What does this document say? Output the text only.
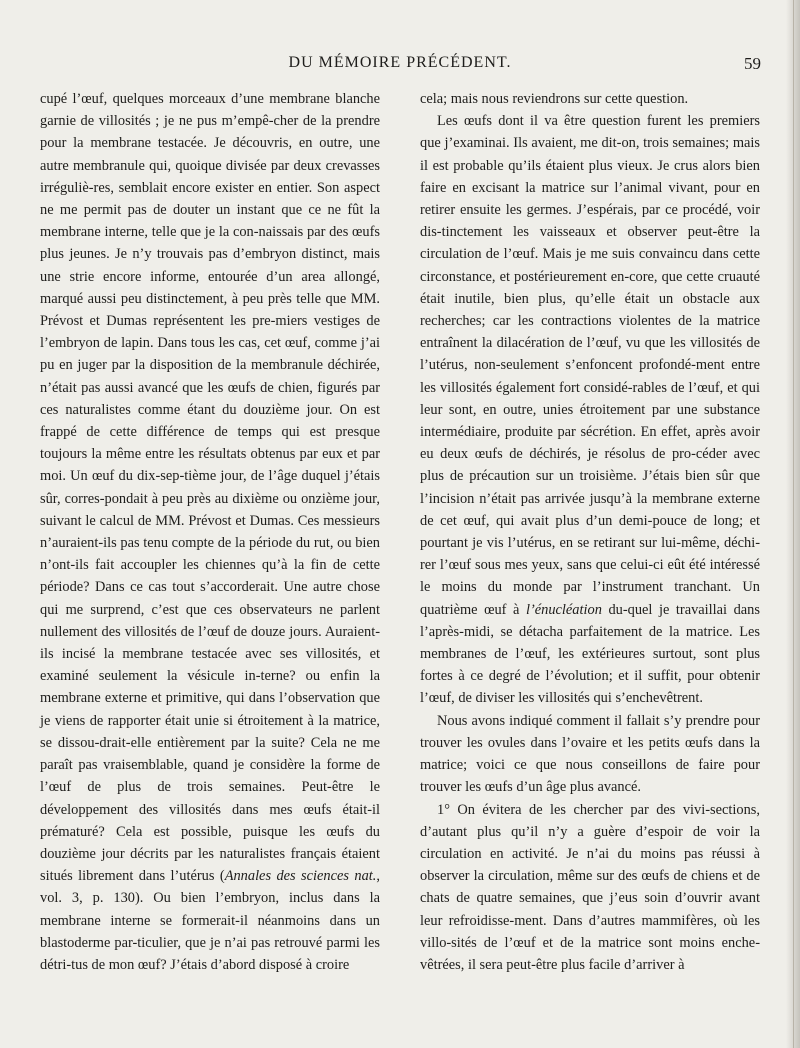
DU MÉMOIRE PRÉCÉDENT.	59

cupé l’œuf, quelques morceaux d’une membrane blanche garnie de villosités ; je ne pus m’empê-cher de la prendre pour la membrane testacée. Je découvris, en outre, une autre membranule qui, quoique divisée par deux crevasses irréguliè-res, semblait encore exister en entier. Son aspect ne me permit pas de douter un instant que ce ne fût la membrane interne, telle que je la con-naissais par des œufs plus jeunes. Je n’y trouvais pas d’embryon distinct, mais une strie encore informe, entourée d’un area allongé, marqué aussi peu distinctement, à peu près telle que MM. Prévost et Dumas représentent les pre-miers vestiges de l’embryon de lapin. Dans tous les cas, cet œuf, comme j’ai pu en juger par la disposition de la membranule déchirée, n’était pas aussi avancé que les œufs de chien, figurés par ces naturalistes comme étant du douzième jour. On est frappé de cette différence de temps qui est presque toujours la même entre les résultats obtenus par eux et par moi. Un œuf du dix-sep-tième jour, de l’âge duquel j’étais sûr, corres-pondait à peu près au dixième ou onzième jour, suivant le calcul de MM. Prévost et Dumas. Ces messieurs n’auraient-ils pas tenu compte de la période du rut, ou bien n’ont-ils fait accoupler les chiennes qu’à la fin de cette période? Dans ce cas tout s’accorderait. Une autre chose qui me surprend, c’est que ces observateurs ne parlent nullement des villosités de l’œuf de douze jours. Auraient-ils incisé la membrane testacée avec ses villosités, et examiné seulement la vésicule in-terne? ou enfin la membrane externe et primitive, qui dans l’observation que je viens de rapporter était unie si étroitement à la matrice, se dissou-drait-elle entièrement par la suite? Cela ne me paraît pas vraisemblable, quand je considère la forme de l’œuf de plus de trois semaines. Peut-être le développement des villosités dans mes œufs était-il prématuré? Cela est possible, puisque les œufs du douzième jour décrits par les naturalistes français étaient situés librement dans l’utérus (Annales des sciences nat., vol. 3, p. 130). Ou bien l’embryon, inclus dans la membrane interne se formerait-il néanmoins dans un blastoderme par-ticulier, que je n’ai pas retrouvé parmi les détri-tus de mon œuf? J’étais d’abord disposé à croire

cela; mais nous reviendrons sur cette question.

Les œufs dont il va être question furent les premiers que j’examinai. Ils avaient, me dit-on, trois semaines; mais il est probable qu’ils étaient plus vieux. Je crus alors bien faire en excisant la matrice sur l’animal vivant, pour en retirer ensuite les germes. J’espérais, par ce procédé, voir dis-tinctement les vaisseaux et observer peut-être la circulation de l’œuf. Mais je me suis convaincu dans cette circonstance, et postérieurement en-core, que cette cruauté était inutile, bien plus, qu’elle était un obstacle aux recherches; car les contractions violentes de la matrice entraînent la dilacération de l’œuf, vu que les villosités de l’utérus, non-seulement s’enfoncent profondé-ment entre les villosités également fort considé-rables de l’œuf, et qui leur sont, en outre, unies étroitement par une substance intermédiaire, produite par sécrétion. En effet, après avoir eu deux œufs de déchirés, je résolus de pro-céder avec plus de précaution sur un troisième. J’étais bien sûr que l’incision n’était pas arrivée jusqu’à la membrane externe de cet œuf, qui avait plus d’un demi-pouce de long; et pourtant je vis l’utérus, en se retirant sur lui-même, déchi-rer l’œuf sous mes yeux, sans que celui-ci eût été intéressé le moins du monde par l’instrument tranchant. Un quatrième œuf à l’énucléation du-quel je travaillai dans l’après-midi, se détacha parfaitement de la matrice. Les membranes de l’œuf, les extérieures surtout, sont plus fortes à ce degré de l’évolution; et il suffit, pour obtenir l’œuf, de diviser les villosités qui s’enchevêtrent.

Nous avons indiqué comment il fallait s’y prendre pour trouver les ovules dans l’ovaire et les petits œufs dans la matrice; voici ce que nous conseillons de faire pour trouver les œufs d’un âge plus avancé.

1° On évitera de les chercher par des vivi-sections, d’autant plus qu’il n’y a guère d’espoir de voir la circulation en activité. Je n’ai du moins pas réussi à observer la circulation, même sur des œufs de chiens et de chats de quatre semaines, que j’eus soin d’ouvrir avant leur refroidisse-ment. Dans d’autres mammifères, où les villo-sités de l’œuf et de la matrice sont moins enche-vêtrées, il sera peut-être plus facile d’arriver à
